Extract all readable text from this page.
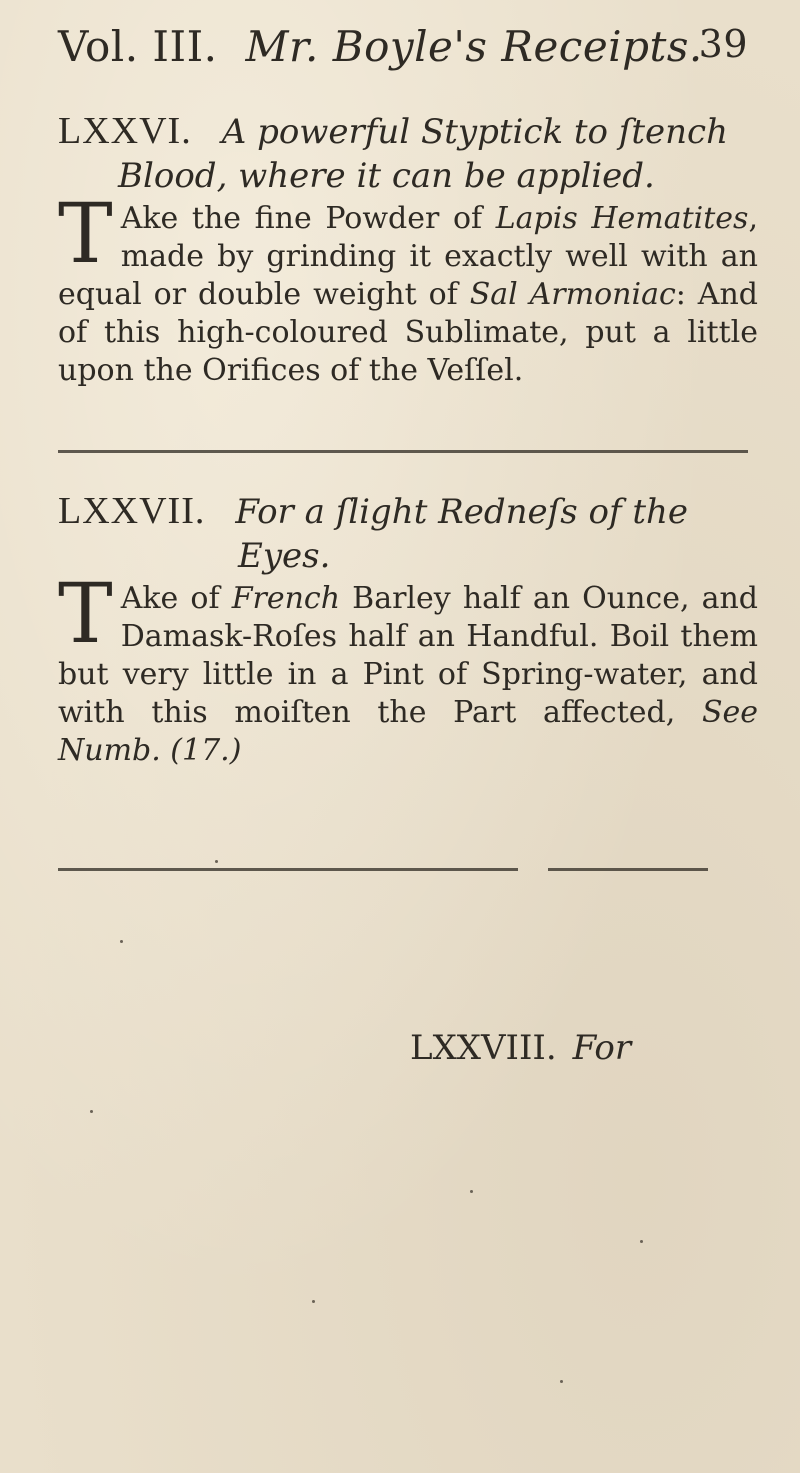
Vol. III. Mr. Boyle's Receipts.
39
LXXVI. A powerful Styptick to ſtench
Blood, where it can be applied.
T Ake the fine Powder of Lapis Hematites, made by grinding it exactly well with an equal or double weight of Sal Armoniac: And of this high-coloured Sublimate, put a little upon the Orifices of the Veſſel.
LXXVII. For a ſlight Redneſs of the
Eyes.
T Ake of French Barley half an Ounce, and Damask-Roſes half an Handful. Boil them but very little in a Pint of Spring-water, and with this moiſten the Part affected, See Numb. (17.)
LXXVIII. For
